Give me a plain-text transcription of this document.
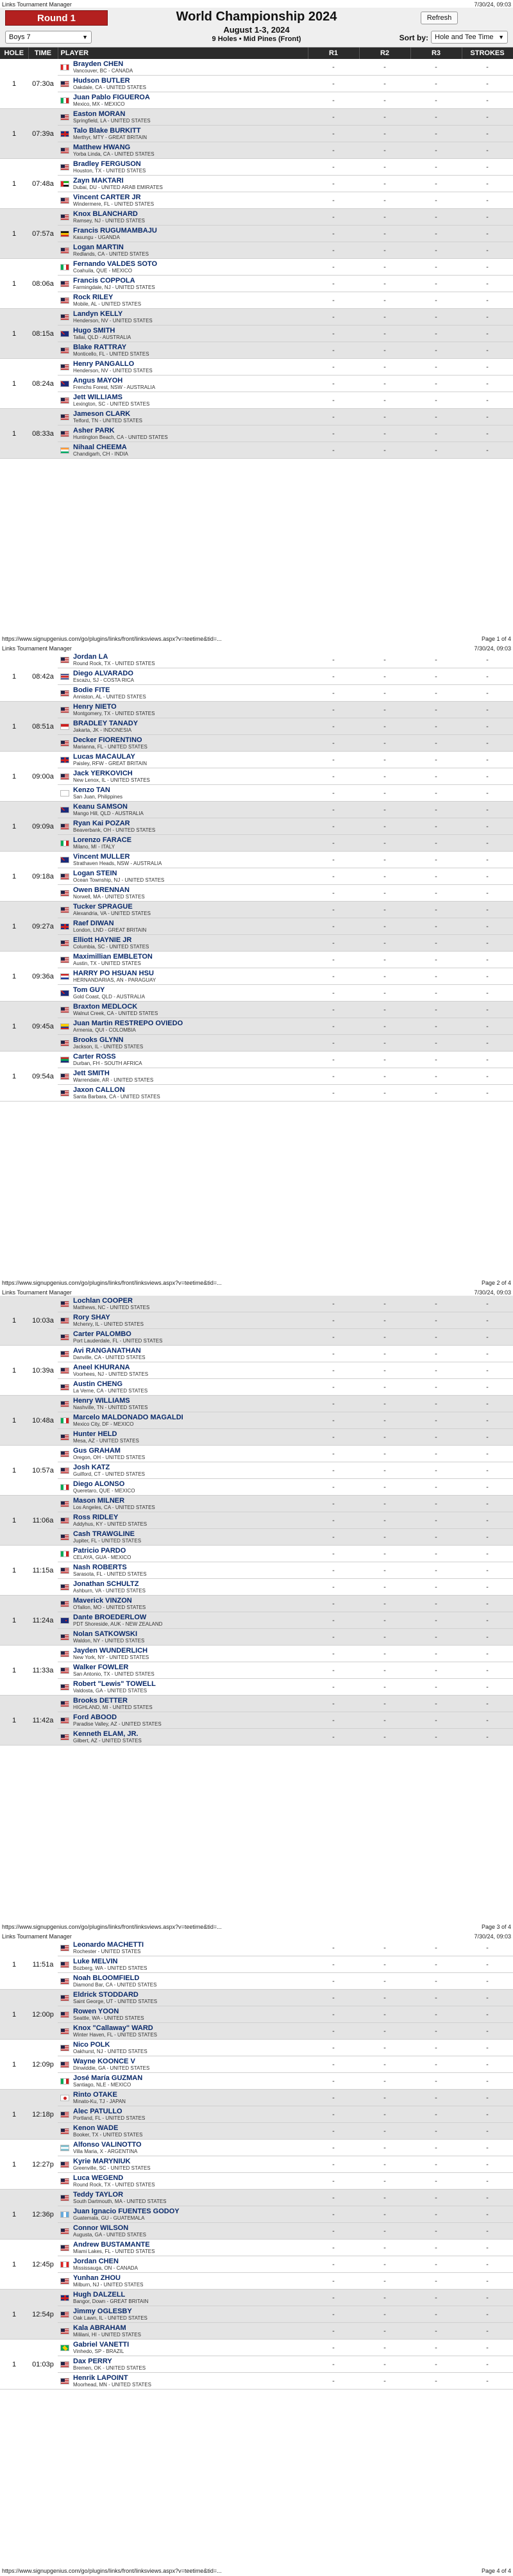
Links Tournament Manager	7/30/24, 09:03
Round 1
Boys 7	▼
World Championship 2024
August 1-3, 2024
9 Holes • Mid Pines (Front)
Refresh
Sort by: Hole and Tee Time ▼
HOLE	TIME	PLAYER	R1	R2	R3	STROKES
1	07:30a	Brayden CHEN
Vancouver, BC - CANADA	-	-	-	-

		Hudson BUTLER
Oakdale, CA - UNITED STATES	-	-	-	-

		Juan Pablo FIGUEROA
Mexico, MX - MEXICO	-	-	-	-
1	07:39a	Easton MORAN
Springfield, LA - UNITED STATES	-	-	-	-

		Talo Blake BURKITT
Merthyr, MTY - GREAT BRITAIN	-	-	-	-

		Matthew HWANG
Yorba Linda, CA - UNITED STATES	-	-	-	-
1	07:48a	Bradley FERGUSON
Houston, TX - UNITED STATES	-	-	-	-

		Zayn MAKTARI
Dubai, DU - UNITED ARAB EMIRATES	-	-	-	-

		Vincent CARTER JR
Windermere, FL - UNITED STATES	-	-	-	-
1	07:57a	Knox BLANCHARD
Ramsey, NJ - UNITED STATES	-	-	-	-

		Francis RUGUMAMBAJU
Kasungu - UGANDA	-	-	-	-

		Logan MARTIN
Redlands, CA - UNITED STATES	-	-	-	-
1	08:06a	Fernando VALDES SOTO
Coahuila, QUE - MEXICO	-	-	-	-

		Francis COPPOLA
Farmingdale, NJ - UNITED STATES	-	-	-	-

		Rock RILEY
Mobile, AL - UNITED STATES	-	-	-	-
1	08:15a	Landyn KELLY
Henderson, NV - UNITED STATES	-	-	-	-

		Hugo SMITH
Tallai, QLD - AUSTRALIA	-	-	-	-

		Blake RATTRAY
Monticello, FL - UNITED STATES	-	-	-	-
1	08:24a	Henry PANGALLO
Henderson, NV - UNITED STATES	-	-	-	-

		Angus MAYOH
Frenchs Forest, NSW - AUSTRALIA	-	-	-	-

		Jett WILLIAMS
Lexington, SC - UNITED STATES	-	-	-	-
1	08:33a	Jameson CLARK
Telford, TN - UNITED STATES	-	-	-	-

		Asher PARK
Huntington Beach, CA - UNITED STATES	-	-	-	-

		Nihaal CHEEMA
Chandigarh, CH - INDIA	-	-	-	-
https://www.signupgenius.com/go/plugins/links/front/linksviews.aspx?v=teetime&tid=...	Page 1 of 4
Links Tournament Manager	7/30/24, 09:03
1	08:42a	Jordan LA
Round Rock, TX - UNITED STATES	-	-	-	-

		Diego ALVARADO
Escazu, SJ - COSTA RICA	-	-	-	-

		Bodie FITE
Anniston, AL - UNITED STATES	-	-	-	-
1	08:51a	Henry NIETO
Montgomery, TX - UNITED STATES	-	-	-	-

		BRADLEY TANADY
Jakarta, JK - INDONESIA	-	-	-	-

		Decker FIORENTINO
Marianna, FL - UNITED STATES	-	-	-	-
1	09:00a	Lucas MACAULAY
Paisley, RFW - GREAT BRITAIN	-	-	-	-

		Jack YERKOVICH
New Lenox, IL - UNITED STATES	-	-	-	-

		Kenzo TAN
San Juan, Philippines	-	-	-	-
1	09:09a	Keanu SAMSON
Mango Hill, QLD - AUSTRALIA	-	-	-	-

		Ryan Kai POZAR
Beaverbank, OH - UNITED STATES	-	-	-	-

		Lorenzo FARACE
Milano, MI - ITALY	-	-	-	-
1	09:18a	Vincent MULLER
Strathaven Heads, NSW - AUSTRALIA	-	-	-	-

		Logan STEIN
Ocean Township, NJ - UNITED STATES	-	-	-	-

		Owen BRENNAN
Norwell, MA - UNITED STATES	-	-	-	-
1	09:27a	Tucker SPRAGUE
Alexandria, VA - UNITED STATES	-	-	-	-

		Raef DIWAN
London, LND - GREAT BRITAIN	-	-	-	-

		Elliott HAYNIE JR
Columbia, SC - UNITED STATES	-	-	-	-
1	09:36a	Maximillian EMBLETON
Austin, TX - UNITED STATES	-	-	-	-

		HARRY PO HSUAN HSU
HERNANDARIAS, AN - PARAGUAY	-	-	-	-

		Tom GUY
Gold Coast, QLD - AUSTRALIA	-	-	-	-
1	09:45a	Braxton MEDLOCK
Walnut Creek, CA - UNITED STATES	-	-	-	-

		Juan Martin RESTREPO OVIEDO
Armenia, QUI - COLOMBIA	-	-	-	-

		Brooks GLYNN
Jackson, IL - UNITED STATES	-	-	-	-
1	09:54a	Carter ROSS
Durban, FH - SOUTH AFRICA	-	-	-	-

		Jett SMITH
Warrendale, AR - UNITED STATES	-	-	-	-

		Jaxon CALLON
Santa Barbara, CA - UNITED STATES	-	-	-	-
https://www.signupgenius.com/go/plugins/links/front/linksviews.aspx?v=teetime&tid=...	Page 2 of 4
Links Tournament Manager	7/30/24, 09:03
1	10:03a	Lochlan COOPER
Matthews, NC - UNITED STATES	-	-	-	-

		Rory SHAY
Mchenry, IL - UNITED STATES	-	-	-	-

		Carter PALOMBO
Port Lauderdale, FL - UNITED STATES	-	-	-	-
1	10:39a	Avi RANGANATHAN
Danville, CA - UNITED STATES	-	-	-	-

		Aneel KHURANA
Voorhees, NJ - UNITED STATES	-	-	-	-

		Austin CHENG
La Verne, CA - UNITED STATES	-	-	-	-
1	10:48a	Henry WILLIAMS
Nashville, TN - UNITED STATES	-	-	-	-

		Marcelo MALDONADO MAGALDI
Mexico City, DF - MEXICO	-	-	-	-

		Hunter HELD
Mesa, AZ - UNITED STATES	-	-	-	-
1	10:57a	Gus GRAHAM
Oregon, OH - UNITED STATES	-	-	-	-

		Josh KATZ
Guilford, CT - UNITED STATES	-	-	-	-

		Diego ALONSO
Queretaro, QUE - MEXICO	-	-	-	-
1	11:06a	Mason MILNER
Los Angeles, CA - UNITED STATES	-	-	-	-

		Ross RIDLEY
Addyhus, KY - UNITED STATES	-	-	-	-

		Cash TRAWGLINE
Jupiter, FL - UNITED STATES	-	-	-	-
1	11:15a	Patricio PARDO
CELAYA, GUA - MEXICO	-	-	-	-

		Nash ROBERTS
Sarasota, FL - UNITED STATES	-	-	-	-

		Jonathan SCHULTZ
Ashburn, VA - UNITED STATES	-	-	-	-
1	11:24a	Maverick VINZON
O'fallon, MO - UNITED STATES	-	-	-	-

		Dante BROEDERLOW
PDT Shoreside, AUK - NEW ZEALAND	-	-	-	-

		Nolan SATKOWSKI
Waldon, NY - UNITED STATES	-	-	-	-
1	11:33a	Jayden WUNDERLICH
New York, NY - UNITED STATES	-	-	-	-

		Walker FOWLER
San Antonio, TX - UNITED STATES	-	-	-	-

		Robert "Lewis" TOWELL
Valdosta, GA - UNITED STATES	-	-	-	-
1	11:42a	Brooks DETTER
HIGHLAND, MI - UNITED STATES	-	-	-	-

		Ford ABOOD
Paradise Valley, AZ - UNITED STATES	-	-	-	-

		Kenneth ELAM, JR.
Gilbert, AZ - UNITED STATES	-	-	-	-
https://www.signupgenius.com/go/plugins/links/front/linksviews.aspx?v=teetime&tid=...	Page 3 of 4
Links Tournament Manager	7/30/24, 09:03
1	11:51a	Leonardo MACHETTI
Rochester - UNITED STATES	-	-	-	-

		Luke MELVIN
Bozberg, WA - UNITED STATES	-	-	-	-

		Noah BLOOMFIELD
Diamond Bar, CA - UNITED STATES	-	-	-	-
1	12:00p	Eldrick STODDARD
Saint George, UT - UNITED STATES	-	-	-	-

		Rowen YOON
Seattle, WA - UNITED STATES	-	-	-	-

		Knox "Callaway" WARD
Winter Haven, FL - UNITED STATES	-	-	-	-
1	12:09p	Nico POLK
Oakhurst, NJ - UNITED STATES	-	-	-	-

		Wayne KOONCE V
Dinwiddie, GA - UNITED STATES	-	-	-	-

		José María GUZMAN
Santiago, NLE - MEXICO	-	-	-	-
1	12:18p	Rinto OTAKE
Minato-Ku, TJ - JAPAN	-	-	-	-

		Alec PATULLO
Portland, FL - UNITED STATES	-	-	-	-

		Kenon WADE
Booker, TX - UNITED STATES	-	-	-	-
1	12:27p	Alfonso VALINOTTO
Villa Maria, X - ARGENTINA	-	-	-	-

		Kyrie MARYNIUK
Greenville, SC - UNITED STATES	-	-	-	-

		Luca WEGEND
Round Rock, TX - UNITED STATES	-	-	-	-
1	12:36p	Teddy TAYLOR
South Dartmouth, MA - UNITED STATES	-	-	-	-

		Juan Ignacio FUENTES GODOY
Guatemala, GU - GUATEMALA	-	-	-	-

		Connor WILSON
Augusta, GA - UNITED STATES	-	-	-	-
1	12:45p	Andrew BUSTAMANTE
Miami Lakes, FL - UNITED STATES	-	-	-	-

		Jordan CHEN
Mississauga, ON - CANADA	-	-	-	-

		Yunhan ZHOU
Milburn, NJ - UNITED STATES	-	-	-	-
1	12:54p	Hugh DALZELL
Bangor, Down - GREAT BRITAIN	-	-	-	-

		Jimmy OGLESBY
Oak Lawn, IL - UNITED STATES	-	-	-	-

		Kala ABRAHAM
Mililani, HI - UNITED STATES	-	-	-	-
1	01:03p	Gabriel VANETTI
Vinhedo, SP - BRAZIL	-	-	-	-

		Dax PERRY
Bremen, OK - UNITED STATES	-	-	-	-

		Henrik LAPOINT
Moorhead, MN - UNITED STATES	-	-	-	-
https://www.signupgenius.com/go/plugins/links/front/linksviews.aspx?v=teetime&tid=...	Page 4 of 4
